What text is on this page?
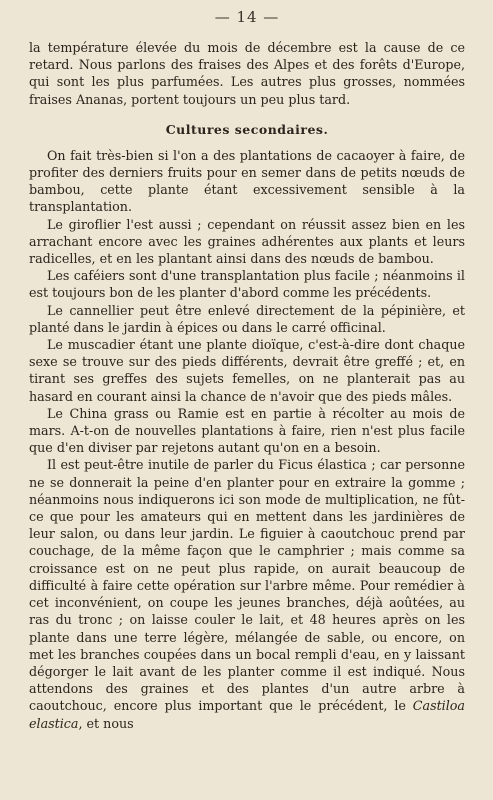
— 14 —

la température élevée du mois de décembre est la cause de ce retard. Nous parlons des fraises des Alpes et des forêts d'Europe, qui sont les plus parfumées. Les autres plus grosses, nommées fraises Ananas, portent toujours un peu plus tard.

Cultures secondaires.

On fait très-bien si l'on a des plantations de cacaoyer à faire, de profiter des derniers fruits pour en semer dans de petits nœuds de bambou, cette plante étant excessivement sensible à la transplantation.

Le giroflier l'est aussi ; cependant on réussit assez bien en les arrachant encore avec les graines adhérentes aux plants et leurs radicelles, et en les plantant ainsi dans des nœuds de bambou.

Les caféiers sont d'une transplantation plus facile ; néanmoins il est toujours bon de les planter d'abord comme les précédents.

Le cannellier peut être enlevé directement de la pépinière, et planté dans le jardin à épices ou dans le carré officinal.

Le muscadier étant une plante dioïque, c'est-à-dire dont chaque sexe se trouve sur des pieds différents, devrait être greffé ; et, en tirant ses greffes des sujets femelles, on ne planterait pas au hasard en courant ainsi la chance de n'avoir que des pieds mâles.

Le China grass ou Ramie est en partie à récolter au mois de mars. A-t-on de nouvelles plantations à faire, rien n'est plus facile que d'en diviser par rejetons autant qu'on en a besoin.

Il est peut-être inutile de parler du Ficus élastica ; car personne ne se donnerait la peine d'en planter pour en extraire la gomme ; néanmoins nous indiquerons ici son mode de multiplication, ne fût-ce que pour les amateurs qui en mettent dans les jardinières de leur salon, ou dans leur jardin. Le figuier à caoutchouc prend par couchage, de la même façon que le camphrier ; mais comme sa croissance est on ne peut plus rapide, on aurait beaucoup de difficulté à faire cette opération sur l'arbre même. Pour remédier à cet inconvénient, on coupe les jeunes branches, déjà aoûtées, au ras du tronc ; on laisse couler le lait, et 48 heures après on les plante dans une terre légère, mélangée de sable, ou encore, on met les branches coupées dans un bocal rempli d'eau, en y laissant dégorger le lait avant de les planter comme il est indiqué. Nous attendons des graines et des plantes d'un autre arbre à caoutchouc, encore plus important que le précédent, le Castiloa elastica, et nous
